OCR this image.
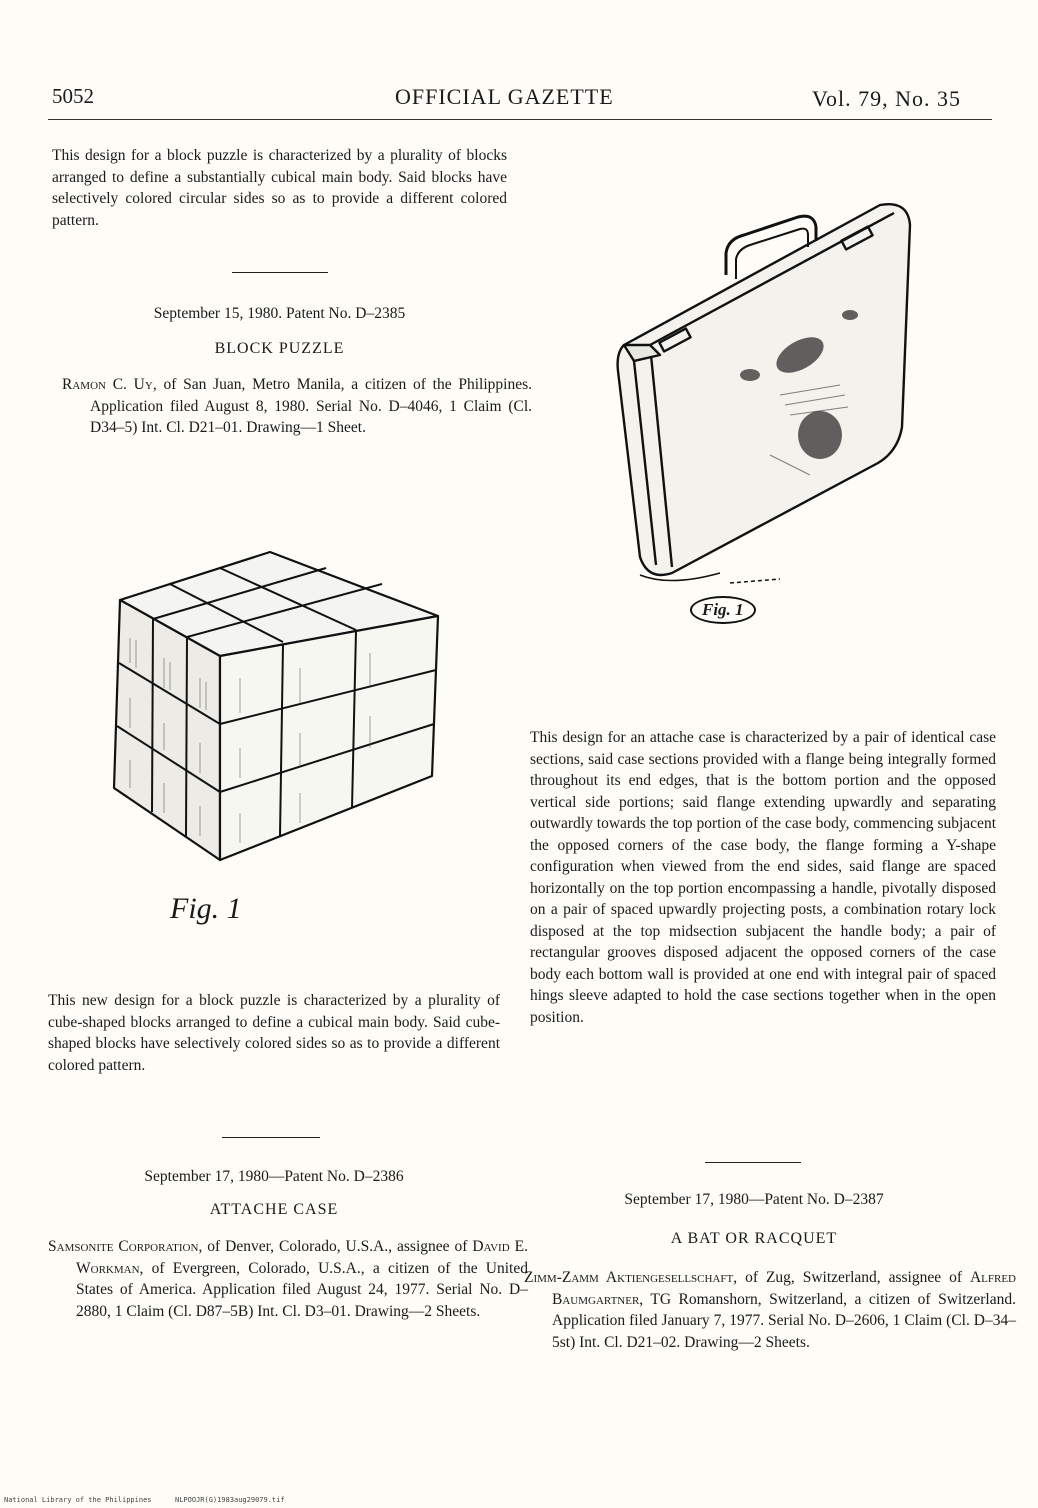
5052	OFFICIAL GAZETTE	Vol. 79, No. 35
This design for a block puzzle is characterized by a plurality of blocks arranged to define a substantially cubical main body. Said blocks have selectively colored circular sides so as to provide a different colored pattern.
September 15, 1980. Patent No. D–2385
BLOCK PUZZLE
Ramon C. Uy, of San Juan, Metro Manila, a citizen of the Philippines. Application filed August 8, 1980. Serial No. D–4046, 1 Claim (Cl. D34–5) Int. Cl. D21–01. Drawing—1 Sheet.
Fig. 1
This new design for a block puzzle is characterized by a plurality of cube-shaped blocks arranged to define a cubical main body. Said cube-shaped blocks have selectively colored sides so as to provide a different colored pattern.
September 17, 1980—Patent No. D–2386
ATTACHE CASE
Samsonite Corporation, of Denver, Colorado, U.S.A., assignee of David E. Workman, of Evergreen, Colorado, U.S.A., a citizen of the United States of America. Application filed August 24, 1977. Serial No. D–2880, 1 Claim (Cl. D87–5B) Int. Cl. D3–01. Drawing—2 Sheets.
Fig. 1
This design for an attache case is characterized by a pair of identical case sections, said case sections provided with a flange being integrally formed throughout its end edges, that is the bottom portion and the opposed vertical side portions; said flange extending upwardly and separating outwardly towards the top portion of the case body, commencing subjacent the opposed corners of the case body, the flange forming a Y-shape configuration when viewed from the end sides, said flange are spaced horizontally on the top portion encompassing a handle, pivotally disposed on a pair of spaced upwardly projecting posts, a combination rotary lock disposed at the top midsection subjacent the handle body; a pair of rectangular grooves disposed adjacent the opposed corners of the case body each bottom wall is provided at one end with integral pair of spaced hings sleeve adapted to hold the case sections together when in the open position.
September 17, 1980—Patent No. D–2387
A BAT OR RACQUET
Zimm-Zamm Aktiengesellschaft, of Zug, Switzerland, assignee of Alfred Baumgartner, TG Romanshorn, Switzerland, a citizen of Switzerland. Application filed January 7, 1977. Serial No. D–2606, 1 Claim (Cl. D–34–5st) Int. Cl. D21–02. Drawing—2 Sheets.
National Library of the Philippines	NLPOOJR(G)1983aug29079.tif
